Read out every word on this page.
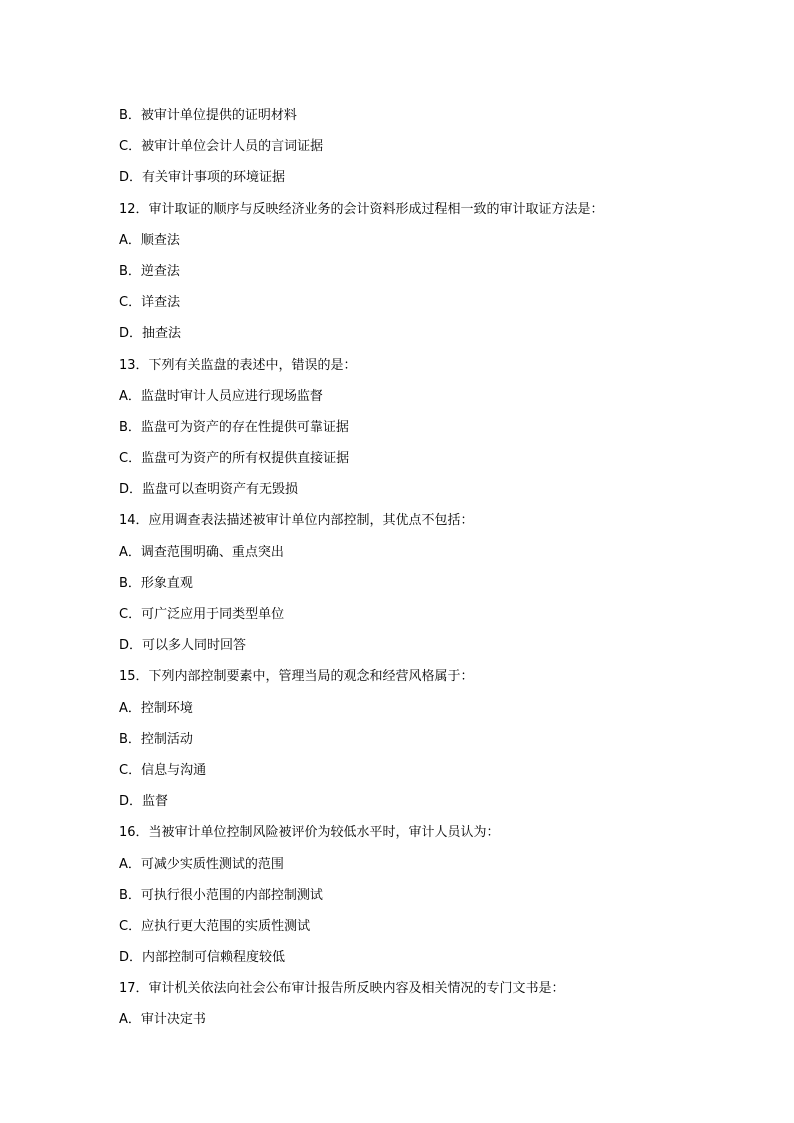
B．被审计单位提供的证明材料
C．被审计单位会计人员的言词证据
D．有关审计事项的环境证据
12．审计取证的顺序与反映经济业务的会计资料形成过程相一致的审计取证方法是：
A．顺查法
B．逆查法
C．详查法
D．抽查法
13．下列有关监盘的表述中，错误的是：
A．监盘时审计人员应进行现场监督
B．监盘可为资产的存在性提供可靠证据
C．监盘可为资产的所有权提供直接证据
D．监盘可以查明资产有无毁损
14．应用调查表法描述被审计单位内部控制，其优点不包括：
A．调查范围明确、重点突出
B．形象直观
C．可广泛应用于同类型单位
D．可以多人同时回答
15．下列内部控制要素中，管理当局的观念和经营风格属于：
A．控制环境
B．控制活动
C．信息与沟通
D．监督
16．当被审计单位控制风险被评价为较低水平时，审计人员认为：
A．可减少实质性测试的范围
B．可执行很小范围的内部控制测试
C．应执行更大范围的实质性测试
D．内部控制可信赖程度较低
17．审计机关依法向社会公布审计报告所反映内容及相关情况的专门文书是：
A．审计决定书
